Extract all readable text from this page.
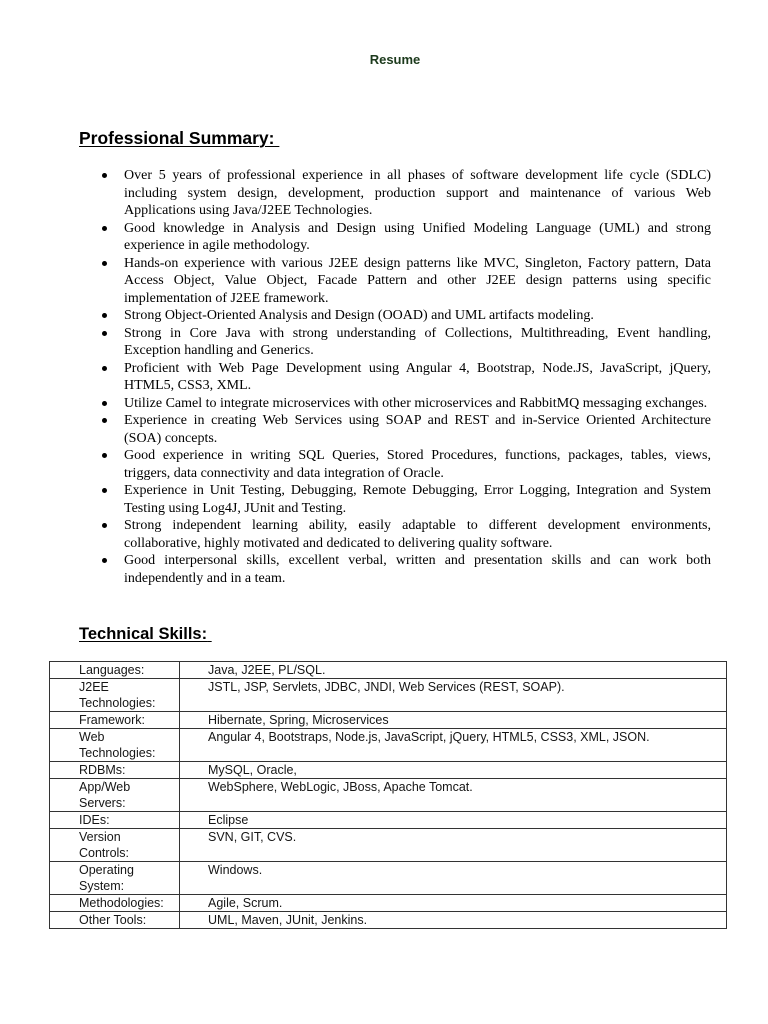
Resume
Professional Summary:
Over 5 years of professional experience in all phases of software development life cycle (SDLC) including system design, development, production support and maintenance of various Web Applications using Java/J2EE Technologies.
Good knowledge in Analysis and Design using Unified Modeling Language (UML) and strong experience in agile methodology.
Hands-on experience with various J2EE design patterns like MVC, Singleton, Factory pattern, Data Access Object, Value Object, Facade Pattern and other J2EE design patterns using specific implementation of J2EE framework.
Strong Object-Oriented Analysis and Design (OOAD) and UML artifacts modeling.
Strong in Core Java with strong understanding of Collections, Multithreading, Event handling, Exception handling and Generics.
Proficient with Web Page Development using Angular 4, Bootstrap, Node.JS, JavaScript, jQuery, HTML5, CSS3, XML.
Utilize Camel to integrate microservices with other microservices and RabbitMQ messaging exchanges.
Experience in creating Web Services using SOAP and REST and in-Service Oriented Architecture (SOA) concepts.
Good experience in writing SQL Queries, Stored Procedures, functions, packages, tables, views, triggers, data connectivity and data integration of Oracle.
Experience in Unit Testing, Debugging, Remote Debugging, Error Logging, Integration and System Testing using Log4J, JUnit and Testing.
Strong independent learning ability, easily adaptable to different development environments, collaborative, highly motivated and dedicated to delivering quality software.
Good interpersonal skills, excellent verbal, written and presentation skills and can work both independently and in a team.
Technical Skills:
Languages:	Java, J2EE, PL/SQL.

J2EE Technologies:	JSTL, JSP, Servlets, JDBC, JNDI, Web Services (REST, SOAP).

Framework:	Hibernate, Spring, Microservices

Web Technologies:	Angular 4, Bootstraps, Node.js, JavaScript, jQuery, HTML5, CSS3, XML, JSON.

RDBMs:	MySQL, Oracle,

App/Web Servers:	WebSphere, WebLogic, JBoss, Apache Tomcat.

IDEs:	Eclipse

Version Controls:	SVN, GIT, CVS.

Operating System:	Windows.

Methodologies:	Agile, Scrum.

Other Tools:	UML, Maven, JUnit, Jenkins.
